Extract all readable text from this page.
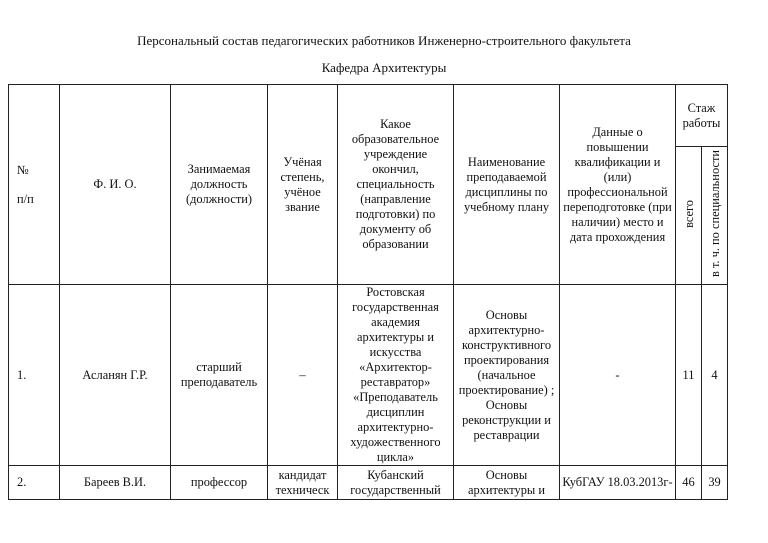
Персональный состав педагогических работников Инженерно-строительного факультета
Кафедра Архитектуры
№
п/п	Ф. И. О.	Занимаемая должность (должности)	Учёная степень, учёное звание	Какое образовательное учреждение окончил, специальность (направление подготовки) по документу об образовании	Наименование преподаваемой дисциплины по учебному плану	Данные о повышении квалификации и (или) профессиональной переподготовке (при наличии) место и дата прохождения	Стаж работы	
							всего	в т. ч. по специальности
1.	Асланян Г.Р.	старший преподаватель	–	Ростовская государственная академия архитектуры и искусства «Архитектор-реставратор» «Преподаватель дисциплин архитектурно-художественного цикла»	Основы архитектурно-конструктивного проектирования (начальное проектирование) ; Основы реконструкции и реставрации	-	11	4
2.	Бареев В.И.	профессор	кандидат техническ	Кубанский государственный	Основы архитектуры и	КубГАУ 18.03.2013г-	46	39
